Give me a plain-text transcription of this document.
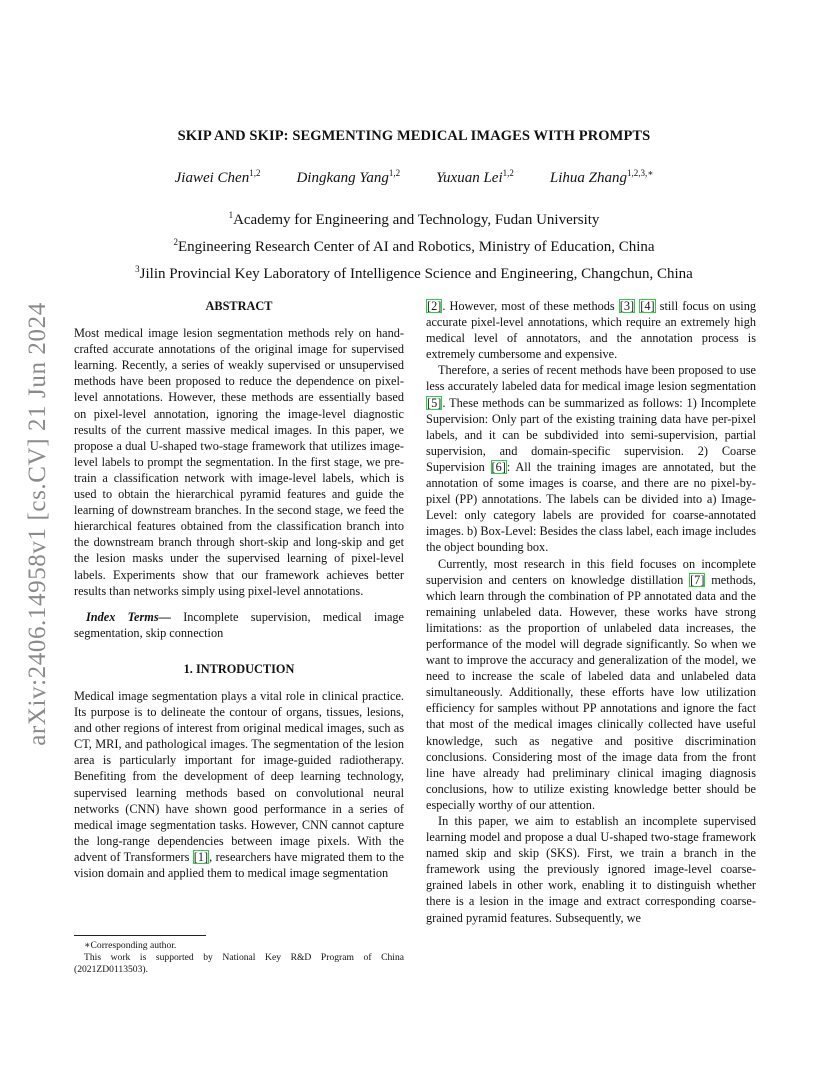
SKIP AND SKIP: SEGMENTING MEDICAL IMAGES WITH PROMPTS
Jiawei Chen$^{1,2}$ Dingkang Yang$^{1,2}$ Yuxuan Lei$^{1,2}$ Lihua Zhang$^{1,2,3,∗}$
$^1$Academy for Engineering and Technology, Fudan University
$^2$Engineering Research Center of AI and Robotics, Ministry of Education, China
$^3$Jilin Provincial Key Laboratory of Intelligence Science and Engineering, Changchun, China
arXiv:2406.14958v1 [cs.CV] 21 Jun 2024	ABSTRACT

Most medical image lesion segmentation methods rely on hand-crafted accurate annotations of the original image for supervised learning. Recently, a series of weakly supervised or unsupervised methods have been proposed to reduce the dependence on pixel-level annotations. However, these methods are essentially based on pixel-level annotation, ignoring the image-level diagnostic results of the current massive medical images. In this paper, we propose a dual U-shaped two-stage framework that utilizes image-level labels to prompt the segmentation. In the first stage, we pre-train a classification network with image-level labels, which is used to obtain the hierarchical pyramid features and guide the learning of downstream branches. In the second stage, we feed the hierarchical features obtained from the classification branch into the downstream branch through short-skip and long-skip and get the lesion masks under the supervised learning of pixel-level labels. Experiments show that our framework achieves better results than networks simply using pixel-level annotations.

Index Terms— Incomplete supervision, medical image segmentation, skip connection

1. INTRODUCTION

Medical image segmentation plays a vital role in clinical practice. Its purpose is to delineate the contour of organs, tissues, lesions, and other regions of interest from original medical images, such as CT, MRI, and pathological images. The segmentation of the lesion area is particularly important for image-guided radiotherapy. Benefiting from the development of deep learning technology, supervised learning methods based on convolutional neural networks (CNN) have shown good performance in a series of medical image segmentation tasks. However, CNN cannot capture the long-range dependencies between image pixels. With the advent of Transformers [1], researchers have migrated them to the vision domain and applied them to medical image segmentation

[2]. However, most of these methods [3] [4] still focus on using accurate pixel-level annotations, which require an extremely high medical level of annotators, and the annotation process is extremely cumbersome and expensive.

Therefore, a series of recent methods have been proposed to use less accurately labeled data for medical image lesion segmentation [5]. These methods can be summarized as follows: 1) Incomplete Supervision: Only part of the existing training data have per-pixel labels, and it can be subdivided into semi-supervision, partial supervision, and domain-specific supervision. 2) Coarse Supervision [6]: All the training images are annotated, but the annotation of some images is coarse, and there are no pixel-by-pixel (PP) annotations. The labels can be divided into a) Image-Level: only category labels are provided for coarse-annotated images. b) Box-Level: Besides the class label, each image includes the object bounding box.

Currently, most research in this field focuses on incomplete supervision and centers on knowledge distillation [7] methods, which learn through the combination of PP annotated data and the remaining unlabeled data. However, these works have strong limitations: as the proportion of unlabeled data increases, the performance of the model will degrade significantly. So when we want to improve the accuracy and generalization of the model, we need to increase the scale of labeled data and unlabeled data simultaneously. Additionally, these efforts have low utilization efficiency for samples without PP annotations and ignore the fact that most of the medical images clinically collected have useful knowledge, such as negative and positive discrimination conclusions. Considering most of the image data from the front line have already had preliminary clinical imaging diagnosis conclusions, how to utilize existing knowledge better should be especially worthy of our attention.

In this paper, we aim to establish an incomplete supervised learning model and propose a dual U-shaped two-stage framework named skip and skip (SKS). First, we train a branch in the framework using the previously ignored image-level coarse-grained labels in other work, enabling it to distinguish whether there is a lesion in the image and extract corresponding coarse-grained pyramid features. Subsequently, we

∗Corresponding author.

This work is supported by National Key R&D Program of China (2021ZD0113503).
